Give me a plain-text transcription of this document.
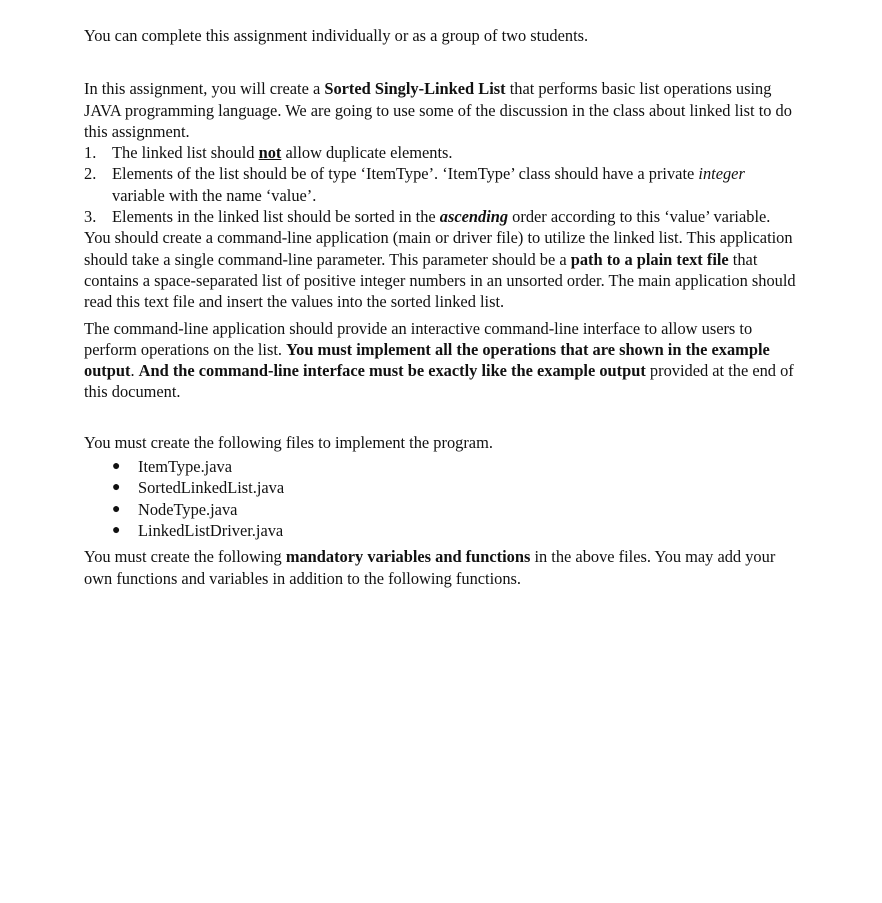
You can complete this assignment individually or as a group of two students.

In this assignment, you will create a Sorted Singly-Linked List that performs basic list operations using JAVA programming language. We are going to use some of the discussion in the class about linked list to do this assignment.

1. The linked list should not allow duplicate elements.
2. Elements of the list should be of type ‘ItemType’. ‘ItemType’ class should have a private integer variable with the name ‘value’.
3. Elements in the linked list should be sorted in the ascending order according to this ‘value’ variable.

You should create a command-line application (main or driver file) to utilize the linked list. This application should take a single command-line parameter. This parameter should be a path to a plain text file that contains a space-separated list of positive integer numbers in an unsorted order. The main application should read this text file and insert the values into the sorted linked list.

The command-line application should provide an interactive command-line interface to allow users to perform operations on the list. You must implement all the operations that are shown in the example output. And the command-line interface must be exactly like the example output provided at the end of this document.

You must create the following files to implement the program.

● ItemType.java
● SortedLinkedList.java
● NodeType.java
● LinkedListDriver.java

You must create the following mandatory variables and functions in the above files. You may add your own functions and variables in addition to the following functions.
